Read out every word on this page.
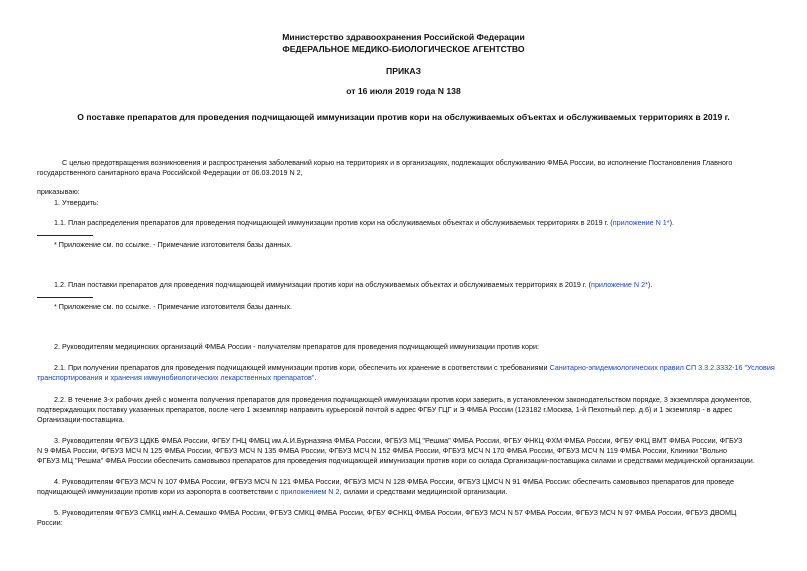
Министерство здравоохранения Российской Федерации
ФЕДЕРАЛЬНОЕ МЕДИКО-БИОЛОГИЧЕСКОЕ АГЕНТСТВО
ПРИКАЗ
от 16 июля 2019 года N 138
О поставке препаратов для проведения подчищающей иммунизации против кори на обслуживаемых объектах и обслуживаемых территориях в 2019 г.
С целью предотвращения возникновения и распространения заболеваний корью на территориях и в организациях, подлежащих обслуживанию ФМБА России, во исполнение Постановления Главного
государственного санитарного врача Российской Федерации от 06.03.2019 N 2,
приказываю:
1. Утвердить:
1.1. План распределения препаратов для проведения подчищающей иммунизации против кори на обслуживаемых объектах и обслуживаемых территориях в 2019 г. (приложение N 1*).
* Приложение см. по ссылке. - Примечание изготовителя базы данных.
1.2. План поставки препаратов для проведения подчищающей иммунизации против кори на обслуживаемых объектах и обслуживаемых территориях в 2019 г. (приложение N 2*).
* Приложение см. по ссылке. - Примечание изготовителя базы данных.
2. Руководителям медицинских организаций ФМБА России - получателям препаратов для проведения подчищающей иммунизации против кори:
2.1. При получении препаратов для проведения подчищающей иммунизации против кори, обеспечить их хранение в соответствии с требованиями Санитарно-эпидемиологических правил СП 3.3.2.3332-16 "Условия
транспортирования и хранения иммунобиологических лекарственных препаратов".
2.2. В течение 3-х рабочих дней с момента получения препаратов для проведения подчищающей иммунизации против кори заверить, в установленном законодательством порядке, 3 экземпляра документов,
подтверждающих поставку указанных препаратов, после чего 1 экземпляр направить курьерской почтой в адрес ФГБУ ГЦГ и Э ФМБА России (123182 г.Москва, 1-й Пехотный пер. д.6) и 1 экземпляр - в адрес
Организации-поставщика.
3. Руководителям ФГБУЗ ЦДКБ ФМБА России, ФГБУ ГНЦ ФМБЦ им.А.И.Бурназяна ФМБА России, ФГБУЗ МЦ "Решма" ФМБА России, ФГБУ ФНКЦ ФХМ ФМБА России, ФГБУ ФКЦ ВМТ ФМБА России, ФГБУЗ
N 9 ФМБА России, ФГБУЗ МСЧ N 125 ФМБА России, ФГБУЗ МСЧ N 135 ФМБА России, ФГБУЗ МСЧ N 152 ФМБА России, ФГБУЗ МСЧ N 170 ФМБА России, ФГБУЗ МСЧ N 119 ФМБА России, Клиники "Вольно
ФГБУЗ МЦ "Решма" ФМБА России обеспечить самовывоз препаратов для проведения подчищающей иммунизации против кори со склада Организации-поставщика силами и средствами медицинской организации.
4. Руководителям ФГБУЗ МСЧ N 107 ФМБА России, ФГБУЗ МСЧ N 121 ФМБА России, ФГБУЗ МСЧ N 128 ФМБА России, ФГБУЗ ЦМСЧ N 91 ФМБА России: обеспечить самовывоз препаратов для проведе
подчищающей иммунизации против кори из аэропорта в соответствии с приложением N 2, силами и средствами медицинской организации.
5. Руководителям ФГБУЗ СМКЦ имН.А.Семашко ФМБА России, ФГБУЗ СМКЦ ФМБА России, ФГБУ ФСНКЦ ФМБА России, ФГБУЗ МСЧ N 57 ФМБА России, ФГБУЗ МСЧ N 97 ФМБА России, ФГБУЗ ДВОМЦ
России:
